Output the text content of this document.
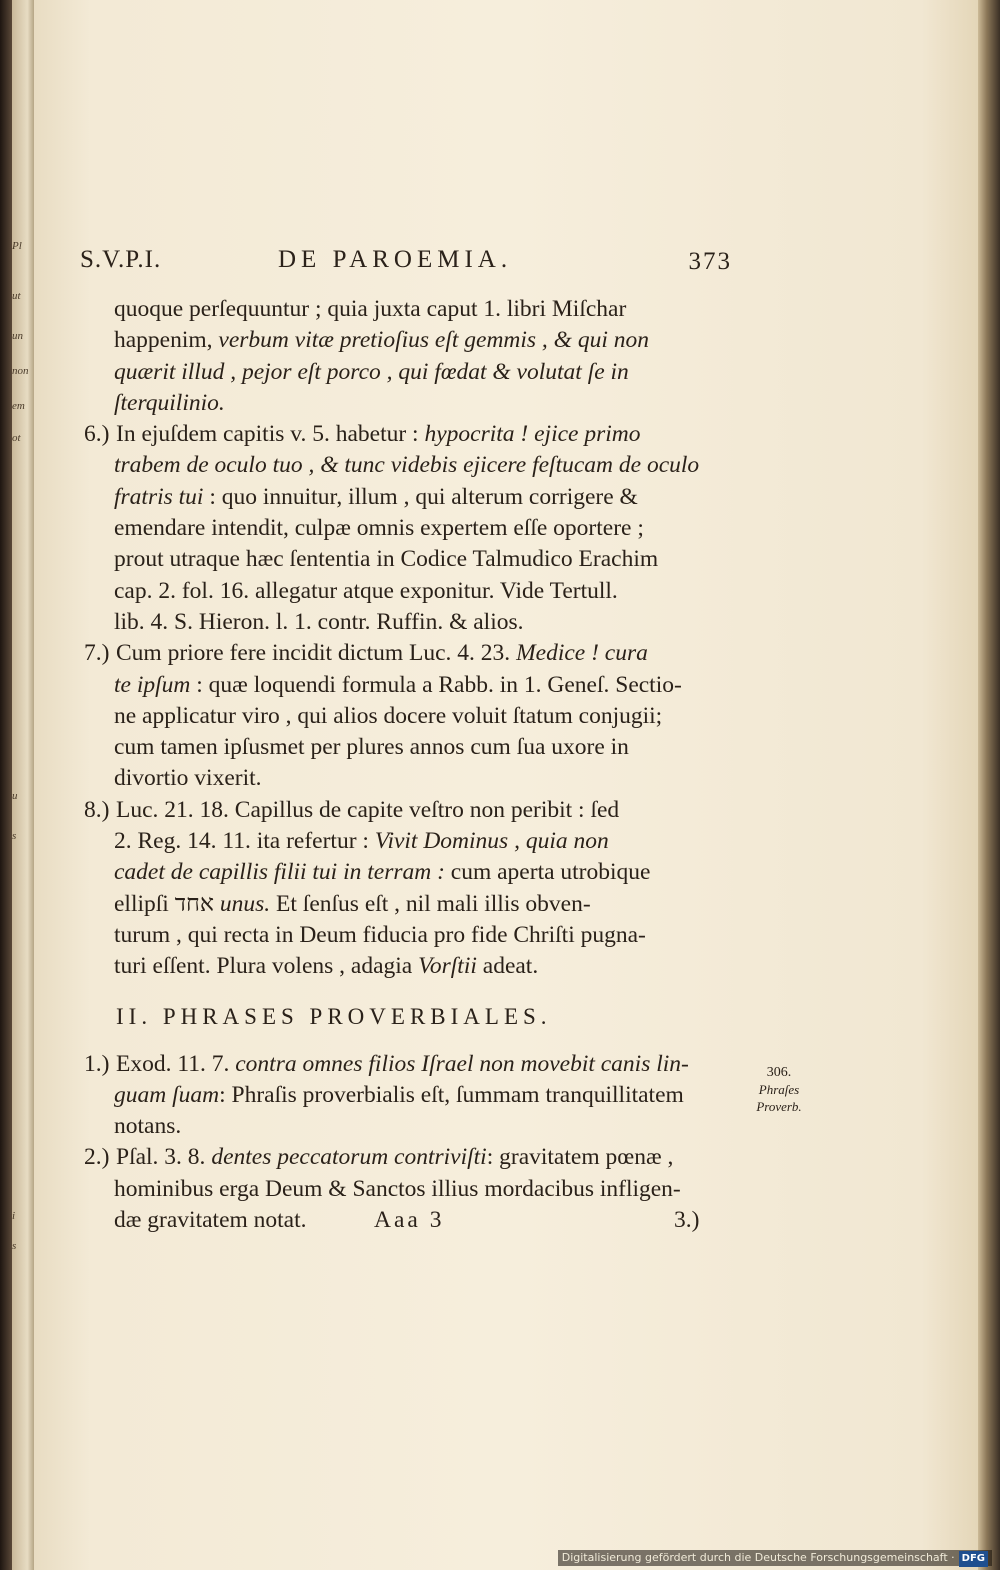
Pl
ut
un
non
em
ot
u
s
i
s
S.V.P.I.	DE PAROEMIA.	373
quoque perſequuntur ; quia juxta caput 1. libri Miſchar
happenim, verbum vitæ pretioſius eſt gemmis , & qui non
quærit illud , pejor eſt porco , qui fœdat & volutat ſe in
ſterquilinio.
6.) In ejuſdem capitis v. 5. habetur : hypocrita ! ejice primo
trabem de oculo tuo , & tunc videbis ejicere feſtucam de oculo
fratris tui : quo innuitur, illum , qui alterum corrigere &
emendare intendit, culpæ omnis expertem eſſe oportere ;
prout utraque hæc ſententia in Codice Talmudico Erachim
cap. 2. fol. 16. allegatur atque exponitur. Vide Tertull.
lib. 4. S. Hieron. l. 1. contr. Ruffin. & alios.
7.) Cum priore fere incidit dictum Luc. 4. 23. Medice ! cura
te ipſum : quæ loquendi formula a Rabb. in 1. Geneſ. Sectio-
ne applicatur viro , qui alios docere voluit ſtatum conjugii;
cum tamen ipſusmet per plures annos cum ſua uxore in
divortio vixerit.
8.) Luc. 21. 18. Capillus de capite veſtro non peribit : ſed
2. Reg. 14. 11. ita refertur : Vivit Dominus , quia non
cadet de capillis filii tui in terram : cum aperta utrobique
ellipſi אחד unus. Et ſenſus eſt , nil mali illis obven-
turum , qui recta in Deum fiducia pro fide Chriſti pugna-
turi eſſent. Plura volens , adagia Vorſtii adeat.
II. PHRASES PROVERBIALES.
1.) Exod. 11. 7. contra omnes filios Iſrael non movebit canis lin-
guam ſuam: Phraſis proverbialis eſt, ſummam tranquillitatem
notans.
2.) Pſal. 3. 8. dentes peccatorum contriviſti: gravitatem pœnæ ,
hominibus erga Deum & Sanctos illius mordacibus infligen-
dæ gravitatem notat.	Aaa 3	3.)
306.
Phraſes
Proverb.
Digitalisierung gefördert durch die Deutsche Forschungsgemeinschaft · DFG
